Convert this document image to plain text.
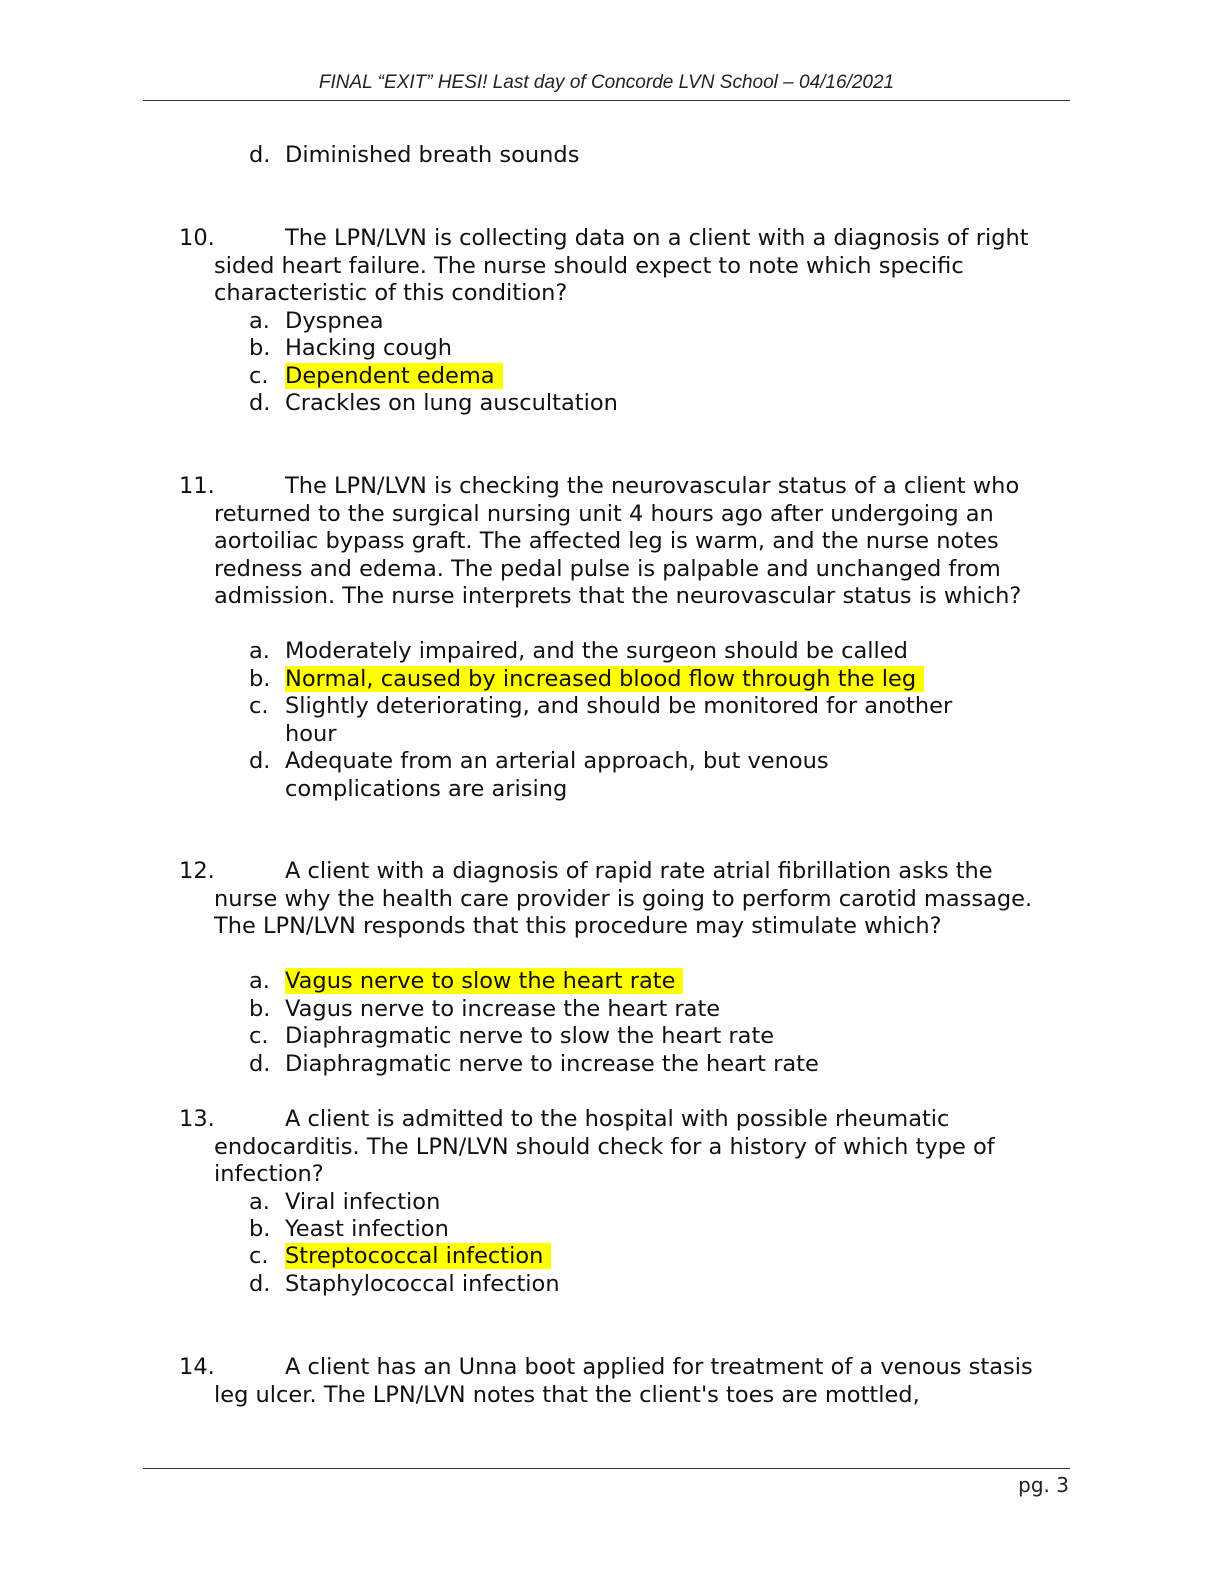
FINAL “EXIT” HESI! Last day of Concorde LVN School – 04/16/2021
d. Diminished breath sounds
10.	The LPN/LVN is collecting data on a client with a diagnosis of right sided heart failure. The nurse should expect to note which specific characteristic of this condition?
a. Dyspnea
b. Hacking cough
c. Dependent edema
d. Crackles on lung auscultation
11.	The LPN/LVN is checking the neurovascular status of a client who returned to the surgical nursing unit 4 hours ago after undergoing an aortoiliac bypass graft. The affected leg is warm, and the nurse notes redness and edema. The pedal pulse is palpable and unchanged from admission. The nurse interprets that the neurovascular status is which?
a. Moderately impaired, and the surgeon should be called
b. Normal, caused by increased blood flow through the leg
c. Slightly deteriorating, and should be monitored for another hour
d. Adequate from an arterial approach, but venous complications are arising
12.	A client with a diagnosis of rapid rate atrial fibrillation asks the nurse why the health care provider is going to perform carotid massage. The LPN/LVN responds that this procedure may stimulate which?
a. Vagus nerve to slow the heart rate
b. Vagus nerve to increase the heart rate
c. Diaphragmatic nerve to slow the heart rate
d. Diaphragmatic nerve to increase the heart rate
13.	A client is admitted to the hospital with possible rheumatic endocarditis. The LPN/LVN should check for a history of which type of infection?
a. Viral infection
b. Yeast infection
c. Streptococcal infection
d. Staphylococcal infection
14.	A client has an Unna boot applied for treatment of a venous stasis leg ulcer. The LPN/LVN notes that the client's toes are mottled,
pg. 3
